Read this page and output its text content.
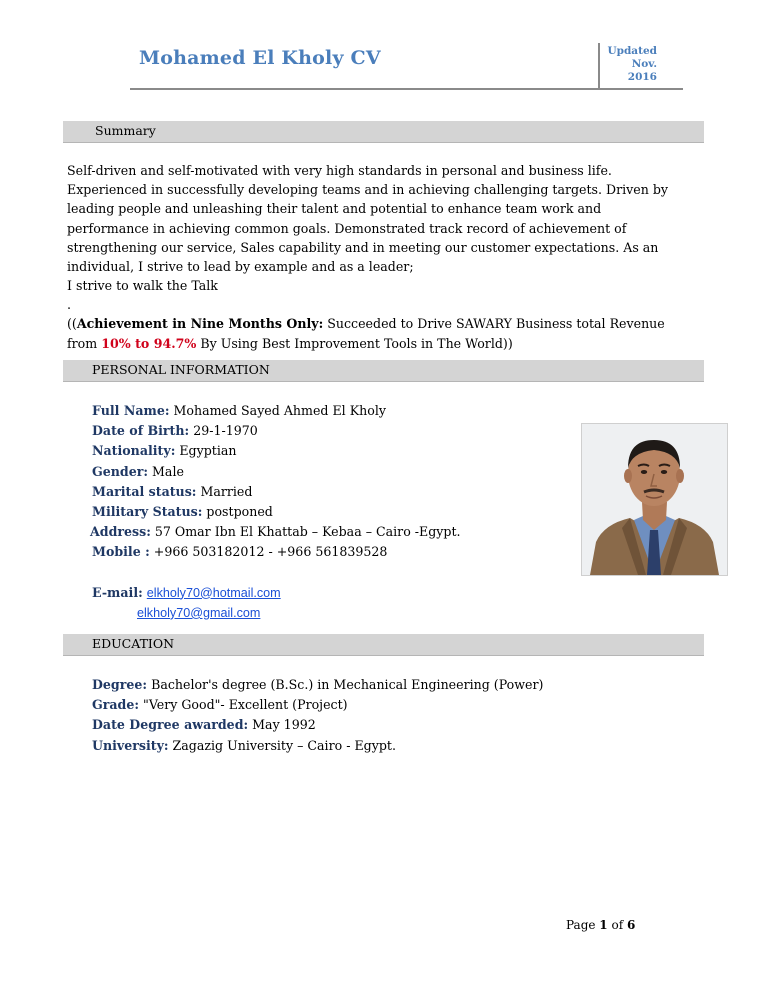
Mohamed El Kholy CV	Updated
Nov.
2016
Summary

Self-driven and self-motivated with very high standards in personal and business life. Experienced in successfully developing teams and in achieving challenging targets. Driven by leading people and unleashing their talent and potential to enhance team work and performance in achieving common goals. Demonstrated track record of achievement of strengthening our service, Sales capability and in meeting our customer expectations. As an individual, I strive to lead by example and as a leader;

I strive to walk the Talk

.

((Achievement in Nine Months Only: Succeeded to Drive SAWARY Business total Revenue from 10% to 94.7% By Using Best Improvement Tools in The World))

PERSONAL INFORMATION
Full Name: Mohamed Sayed Ahmed El Kholy
Date of Birth: 29-1-1970
Nationality: Egyptian
Gender: Male
Marital status: Married
Military Status: postponed
Address: 57 Omar Ibn El Khattab – Kebaa – Cairo -Egypt.
Mobile : +966 503182012 - +966 561839528
E-mail: elkholy70@hotmail.com
elkholy70@gmail.com
EDUCATION
Degree: Bachelor's degree (B.Sc.) in Mechanical Engineering (Power)
Grade: "Very Good"- Excellent (Project)
Date Degree awarded: May 1992
University: Zagazig University – Cairo - Egypt.
Page 1 of 6
